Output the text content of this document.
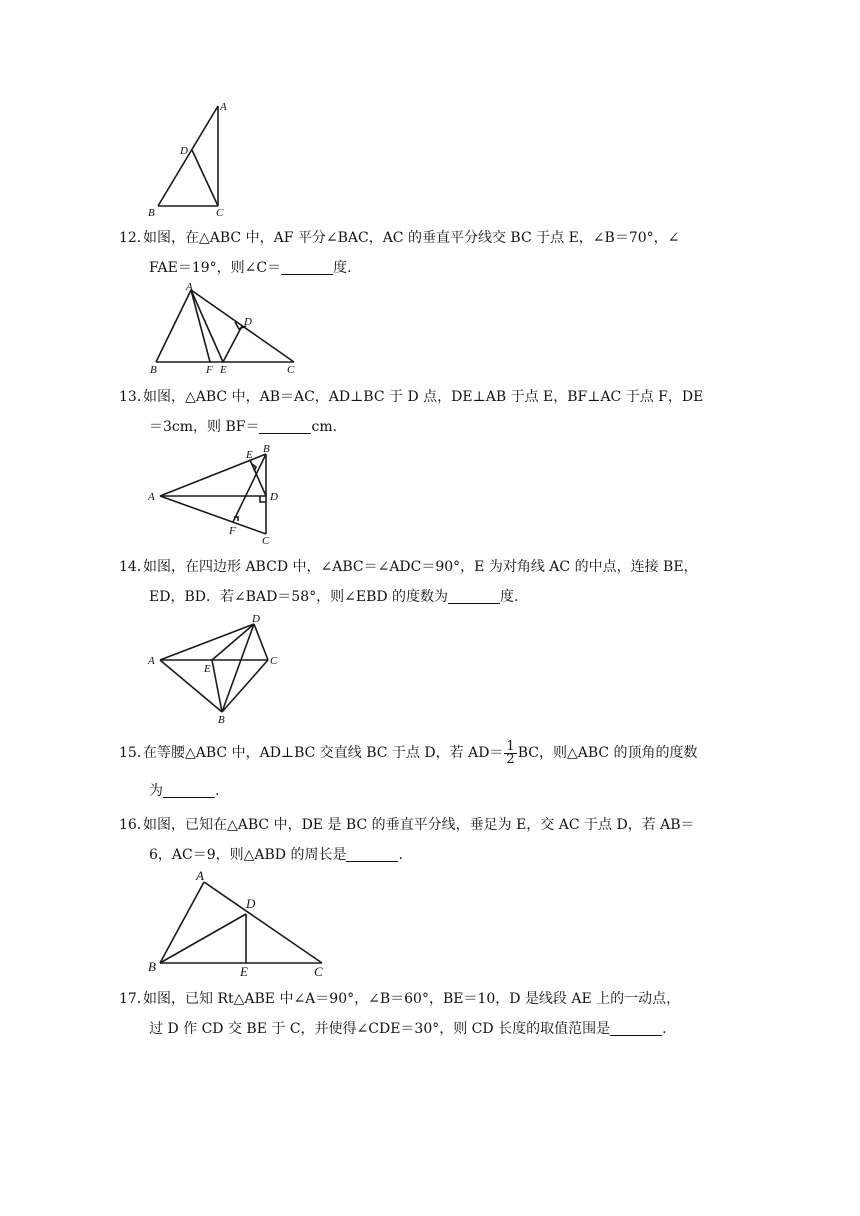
A
D
B	C
12．如图，在△ABC 中，AF 平分∠BAC，AC 的垂直平分线交 BC 于点 E，∠B＝70°，∠
FAE＝19°，则∠C＝	度.
A
D
B	F E	C
13．如图，△ABC 中，AB＝AC，AD⊥BC 于 D 点，DE⊥AB 于点 E，BF⊥AC 于点 F，DE
＝3cm，则 BF＝	cm.
E B
A	D
F
C
14．如图，在四边形 ABCD 中，∠ABC＝∠ADC＝90°，E 为对角线 AC 的中点，连接 BE，
ED，BD．若∠BAD＝58°，则∠EBD 的度数为	度.
D
A
E
C
B
15．在等腰△ABC 中，AD⊥BC 交直线 BC 于点 D，若 $AD= \frac{1}{2}$ BC，则△ABC 的顶角的度数
为	.
16．如图，已知在△ABC 中，DE 是 BC 的垂直平分线，垂足为 E，交 AC 于点 D，若 AB＝
6，AC＝9，则△ABD 的周长是	.
A
D
B	E	C
17．如图，已知 Rt△ABE 中∠A＝90°，∠B＝60°，BE＝10，D 是线段 AE 上的一动点，
过 D 作 CD 交 BE 于 C，并使得∠CDE＝30°，则 CD 长度的取值范围是	.
